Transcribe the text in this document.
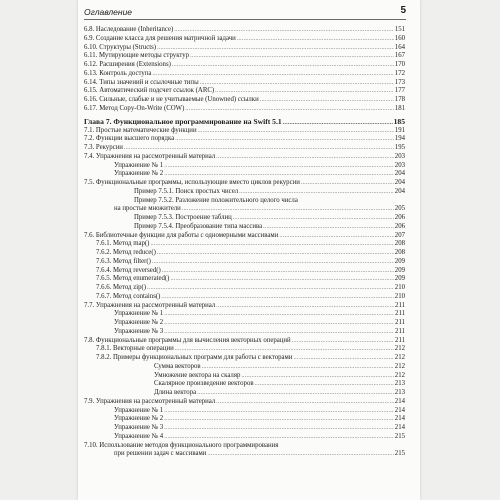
Оглавление	5
6.8. Наследование (Inheritance) .....	151
6.9. Создание класса для решения матричной задачи .....	160
6.10. Структуры (Structs) .....	164
6.11. Мутирующие методы структур .....	167
6.12. Расширения (Extensions) .....	170
6.13. Контроль доступа .....	172
6.14. Типы значений и ссылочные типы .....	173
6.15. Автоматический подсчет ссылок (ARC) .....	177
6.16. Сильные, слабые и не учитываемые (Unowned) ссылки .....	178
6.17. Метод Copy-On-Write (COW) .....	181
Глава 7. Функциональное программирование на Swift 5.1 .....	185
7.1. Простые математические функции .....	191
7.2. Функции высшего порядка .....	194
7.3. Рекурсии .....	195
7.4. Упражнения на рассмотренный материал .....	203
Упражнение № 1 .....	203
Упражнение № 2 .....	204
7.5. Функциональные программы, использующие вместо циклов рекурсии .....	204
Пример 7.5.1. Поиск простых чисел .....	204
Пример 7.5.2. Разложение положительного целого числа
на простые множители .....	205
Пример 7.5.3. Построение таблиц .....	206
Пример 7.5.4. Преобразование типа массива .....	206
7.6. Библиотечные функции для работы с одномерными массивами .....	207
7.6.1. Метод map() .....	208
7.6.2. Метод reduce() .....	208
7.6.3. Метод filter() .....	209
7.6.4. Метод reversed() .....	209
7.6.5. Метод enumerated() .....	209
7.6.6. Метод zip() .....	210
7.6.7. Метод contains() .....	210
7.7. Упражнения на рассмотренный материал .....	211
Упражнение № 1 .....	211
Упражнение № 2 .....	211
Упражнение № 3 .....	211
7.8. Функциональные программы для вычисления векторных операций .....	211
7.8.1. Векторные операции .....	212
7.8.2. Примеры функциональных программ для работы с векторами .....	212
Сумма векторов .....	212
Умножение вектора на скаляр .....	212
Скалярное произведение векторов .....	213
Длина вектора .....	213
7.9. Упражнения на рассмотренный материал .....	214
Упражнение № 1 .....	214
Упражнение № 2 .....	214
Упражнение № 3 .....	214
Упражнение № 4 .....	215
7.10. Использование методов функционального программирования
при решении задач с массивами .....	215
